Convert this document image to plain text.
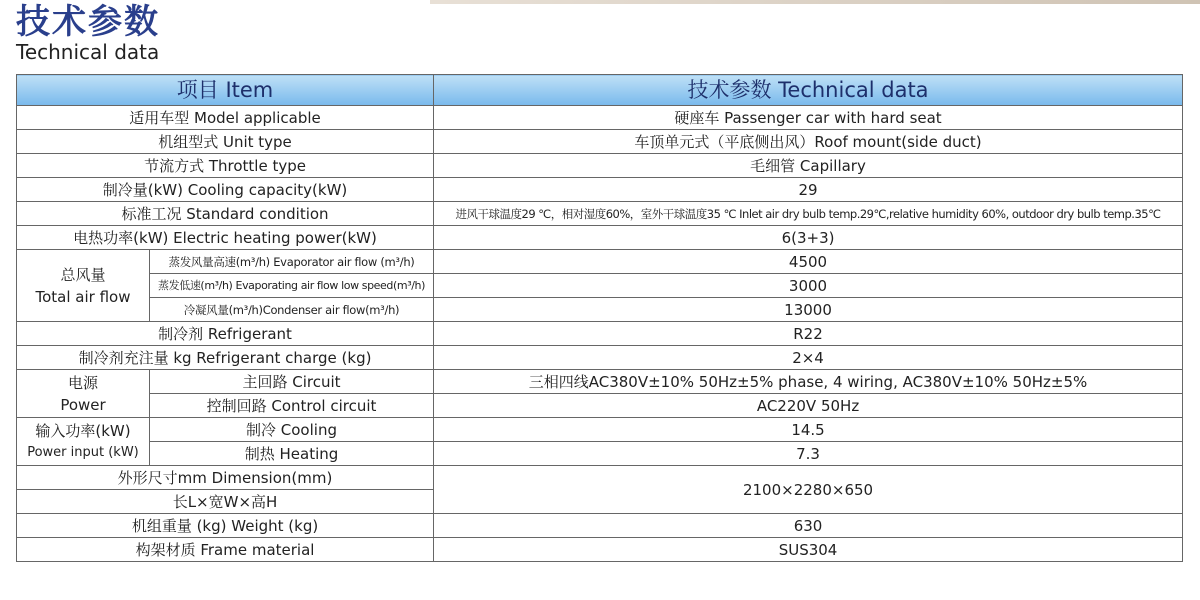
技术参数
Technical data
项目 Item		技术参数 Technical data
适用车型 Model applicable		硬座车 Passenger car with hard seat
机组型式 Unit type		车顶单元式（平底侧出风）Roof mount(side duct)
节流方式 Throttle type		毛细管 Capillary
制冷量(kW) Cooling capacity(kW)		29
标准工况 Standard condition		进风干球温度29 ℃，相对湿度60%，室外干球温度35 ℃ Inlet air dry bulb temp.29℃,relative humidity 60%, outdoor dry bulb temp.35℃
电热功率(kW) Electric heating power(kW)		6(3+3)

总风量
Total air flow	蒸发风量高速(m³/h) Evaporator air flow (m³/h)	4500
	蒸发低速(m³/h) Evaporating air flow low speed(m³/h)	3000
	冷凝风量(m³/h)Condenser air flow(m³/h)	13000
制冷剂 Refrigerant		R22
制冷剂充注量 kg Refrigerant charge (kg)		2×4

电源
Power	主回路 Circuit	三相四线AC380V±10% 50Hz±5% phase, 4 wiring, AC380V±10% 50Hz±5%
	控制回路 Control circuit	AC220V 50Hz

输入功率(kW)
Power input (kW)	制冷 Cooling	14.5
	制热 Heating	7.3
外形尺寸mm Dimension(mm)		2100×2280×650
长L×宽W×高H		
机组重量 (kg) Weight (kg)		630
构架材质 Frame material		SUS304
